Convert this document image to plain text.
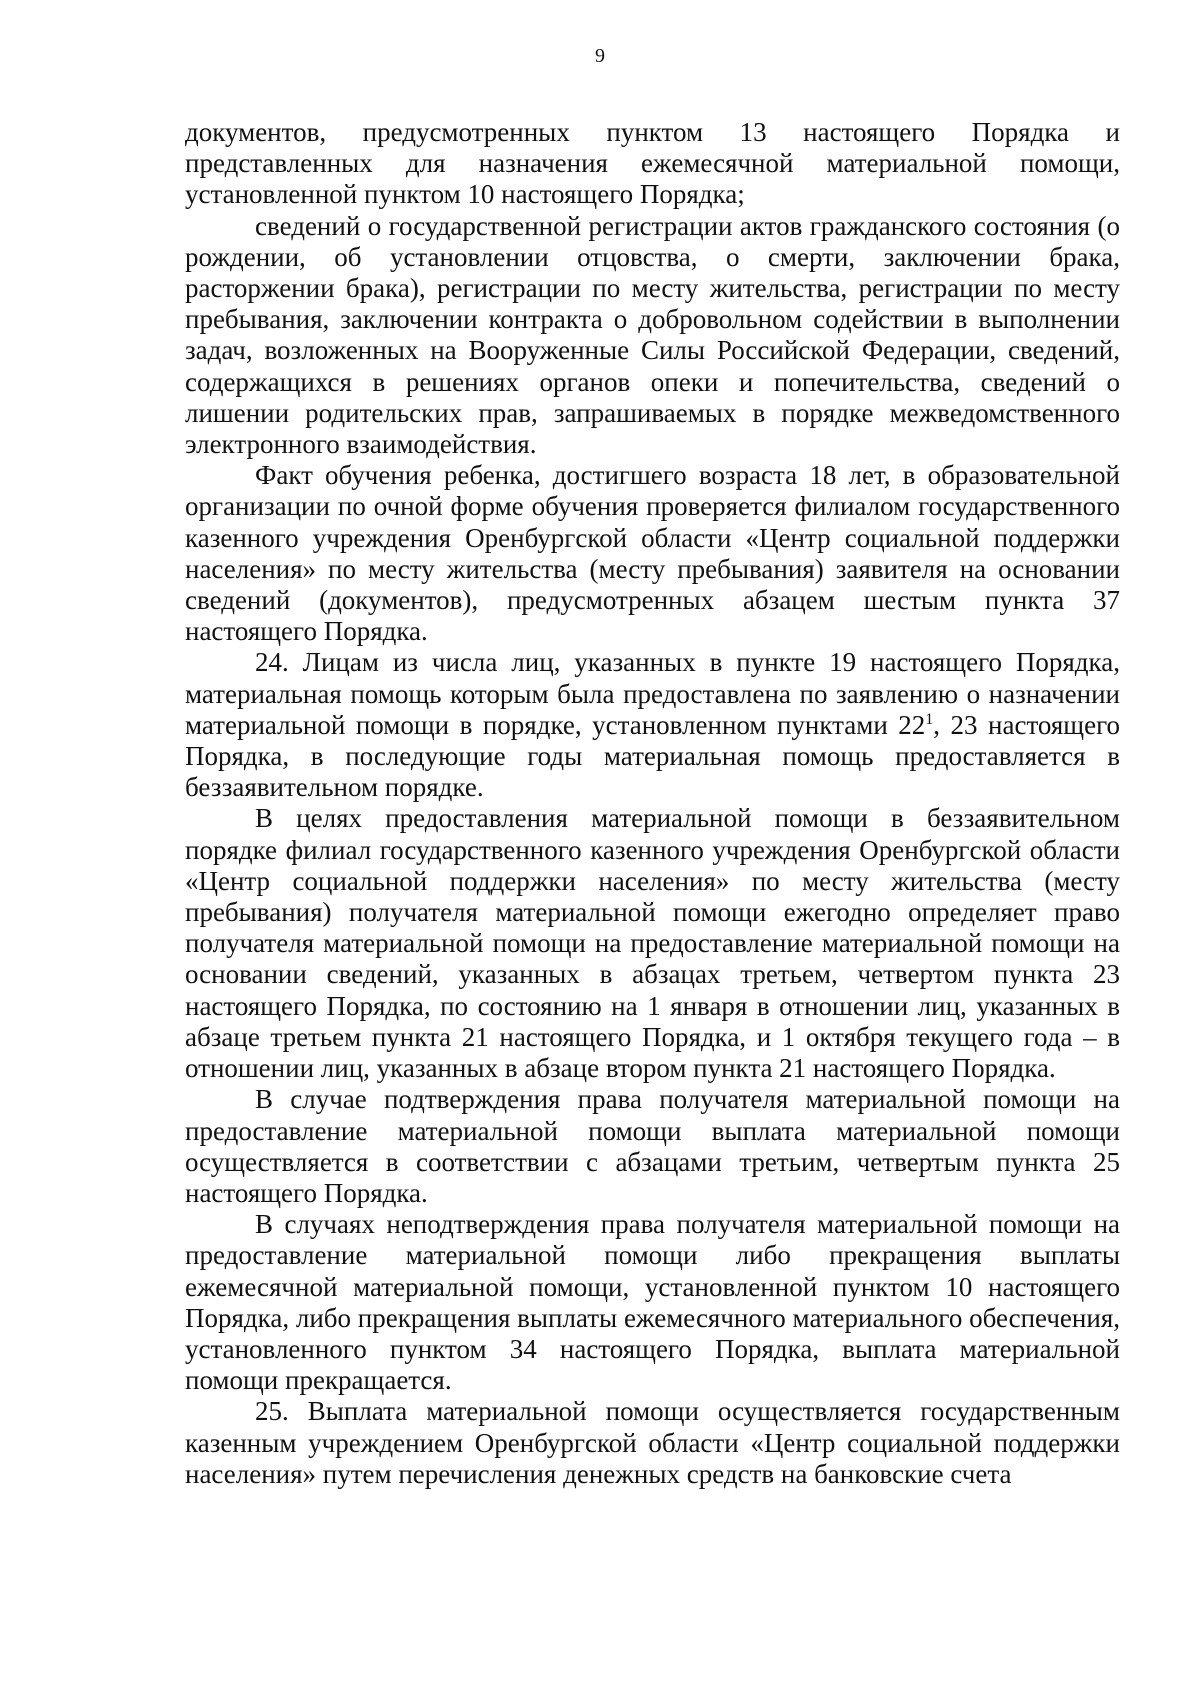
9

документов, предусмотренных пунктом 13 настоящего Порядка и представленных для назначения ежемесячной материальной помощи, установленной пунктом 10 настоящего Порядка;

сведений о государственной регистрации актов гражданского состояния (о рождении, об установлении отцовства, о смерти, заключении брака, расторжении брака), регистрации по месту жительства, регистрации по месту пребывания, заключении контракта о добровольном содействии в выполнении задач, возложенных на Вооруженные Силы Российской Федерации, сведений, содержащихся в решениях органов опеки и попечительства, сведений о лишении родительских прав, запрашиваемых в порядке межведомственного электронного взаимодействия.

Факт обучения ребенка, достигшего возраста 18 лет, в образовательной организации по очной форме обучения проверяется филиалом государственного казенного учреждения Оренбургской области «Центр социальной поддержки населения» по месту жительства (месту пребывания) заявителя на основании сведений (документов), предусмотренных абзацем шестым пункта 37 настоящего Порядка.

24. Лицам из числа лиц, указанных в пункте 19 настоящего Порядка, материальная помощь которым была предоставлена по заявлению о назначении материальной помощи в порядке, установленном пунктами $22^1$, 23 настоящего Порядка, в последующие годы материальная помощь предоставляется в беззаявительном порядке.

В целях предоставления материальной помощи в беззаявительном порядке филиал государственного казенного учреждения Оренбургской области «Центр социальной поддержки населения» по месту жительства (месту пребывания) получателя материальной помощи ежегодно определяет право получателя материальной помощи на предоставление материальной помощи на основании сведений, указанных в абзацах третьем, четвертом пункта 23 настоящего Порядка, по состоянию на 1 января в отношении лиц, указанных в абзаце третьем пункта 21 настоящего Порядка, и 1 октября текущего года – в отношении лиц, указанных в абзаце втором пункта 21 настоящего Порядка.

В случае подтверждения права получателя материальной помощи на предоставление материальной помощи выплата материальной помощи осуществляется в соответствии с абзацами третьим, четвертым пункта 25 настоящего Порядка.

В случаях неподтверждения права получателя материальной помощи на предоставление материальной помощи либо прекращения выплаты ежемесячной материальной помощи, установленной пунктом 10 настоящего Порядка, либо прекращения выплаты ежемесячного материального обеспечения, установленного пунктом 34 настоящего Порядка, выплата материальной помощи прекращается.

25. Выплата материальной помощи осуществляется государственным казенным учреждением Оренбургской области «Центр социальной поддержки населения» путем перечисления денежных средств на банковские счета
